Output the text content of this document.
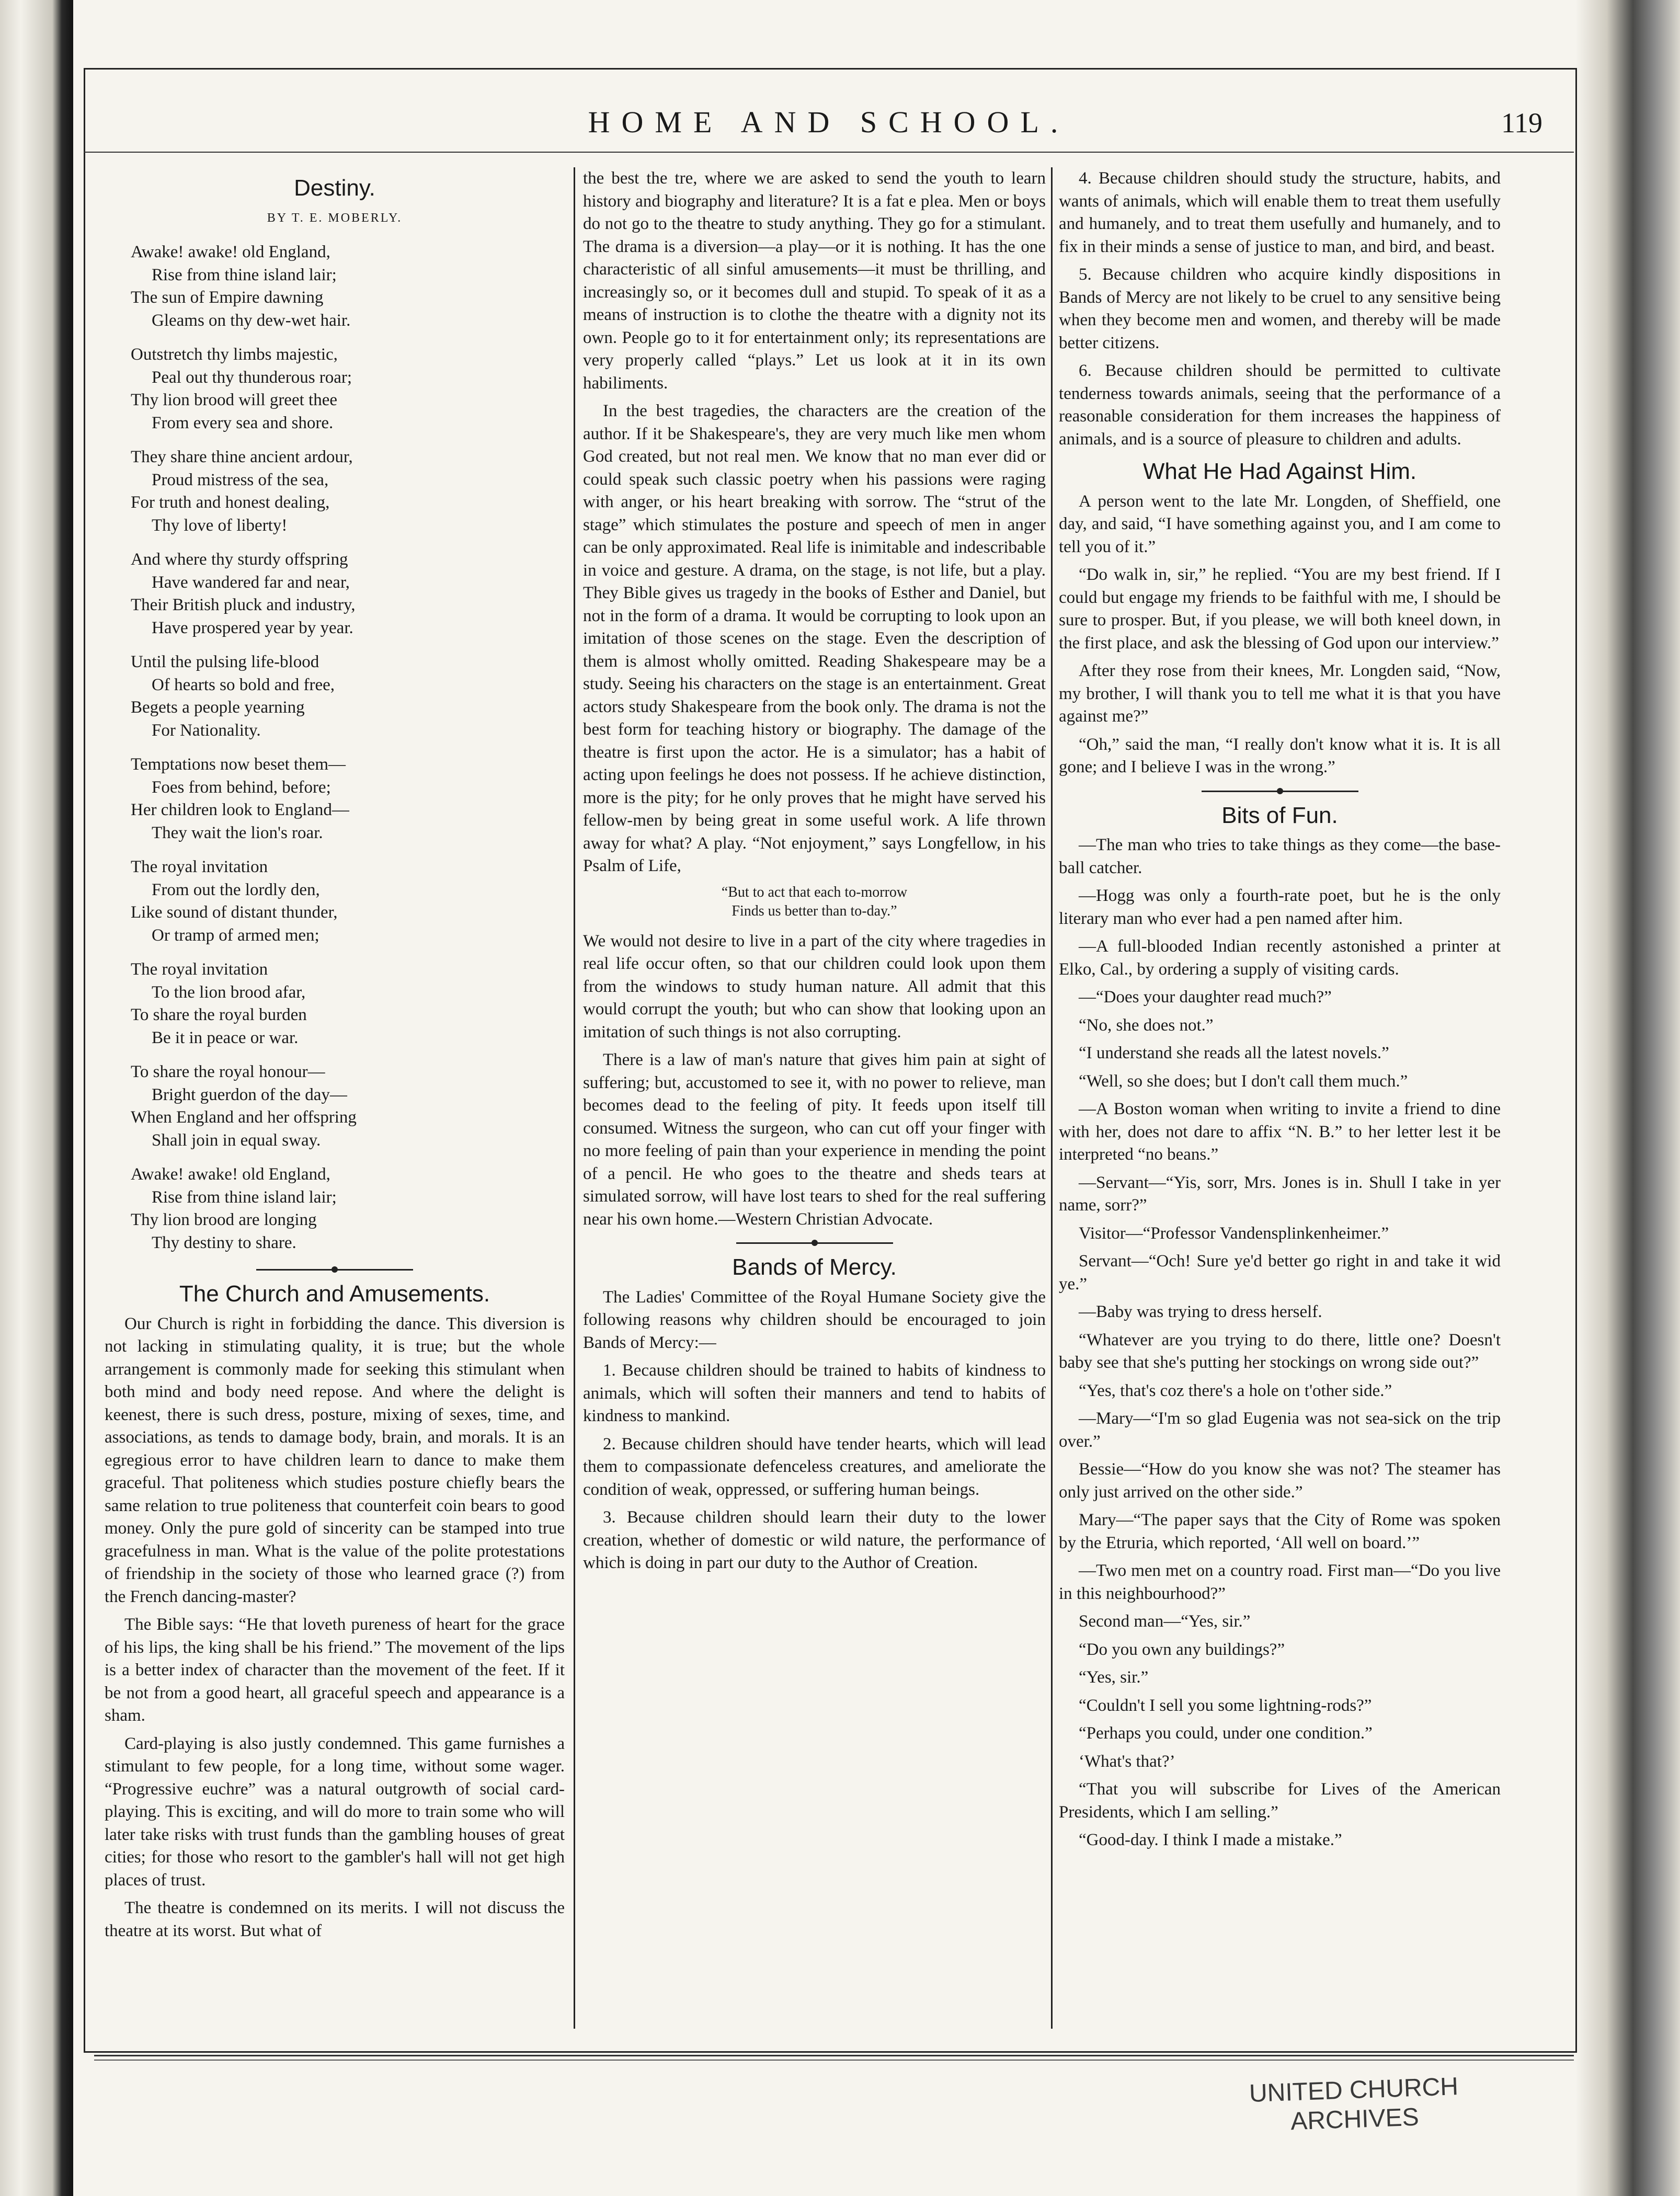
HOME AND SCHOOL.	119
Destiny.
BY T. E. MOBERLY.
Awake! awake! old England,
Rise from thine island lair;
The sun of Empire dawning
Gleams on thy dew-wet hair.
Outstretch thy limbs majestic,
Peal out thy thunderous roar;
Thy lion brood will greet thee
From every sea and shore.
They share thine ancient ardour,
Proud mistress of the sea,
For truth and honest dealing,
Thy love of liberty!
And where thy sturdy offspring
Have wandered far and near,
Their British pluck and industry,
Have prospered year by year.
Until the pulsing life-blood
Of hearts so bold and free,
Begets a people yearning
For Nationality.
Temptations now beset them—
Foes from behind, before;
Her children look to England—
They wait the lion's roar.
The royal invitation
From out the lordly den,
Like sound of distant thunder,
Or tramp of armed men;
The royal invitation
To the lion brood afar,
To share the royal burden
Be it in peace or war.
To share the royal honour—
Bright guerdon of the day—
When England and her offspring
Shall join in equal sway.
Awake! awake! old England,
Rise from thine island lair;
Thy lion brood are longing
Thy destiny to share.
The Church and Amusements.

Our Church is right in forbidding the dance. This diversion is not lacking in stimulating quality, it is true; but the whole arrangement is commonly made for seeking this stimulant when both mind and body need repose. And where the delight is keenest, there is such dress, posture, mixing of sexes, time, and associations, as tends to damage body, brain, and morals. It is an egregious error to have children learn to dance to make them graceful. That politeness which studies posture chiefly bears the same relation to true politeness that counterfeit coin bears to good money. Only the pure gold of sincerity can be stamped into true gracefulness in man. What is the value of the polite protestations of friendship in the society of those who learned grace (?) from the French dancing-master?

The Bible says: “He that loveth pureness of heart for the grace of his lips, the king shall be his friend.” The movement of the lips is a better index of character than the movement of the feet. If it be not from a good heart, all graceful speech and appearance is a sham.

Card-playing is also justly condemned. This game furnishes a stimulant to few people, for a long time, without some wager. “Progressive euchre” was a natural outgrowth of social card-playing. This is exciting, and will do more to train some who will later take risks with trust funds than the gambling houses of great cities; for those who resort to the gambler's hall will not get high places of trust.

The theatre is condemned on its merits. I will not discuss the theatre at its worst. But what of

the best the tre, where we are asked to send the youth to learn history and biography and literature? It is a fat e plea. Men or boys do not go to the theatre to study anything. They go for a stimulant. The drama is a diversion—a play—or it is nothing. It has the one characteristic of all sinful amusements—it must be thrilling, and increasingly so, or it becomes dull and stupid. To speak of it as a means of instruction is to clothe the theatre with a dignity not its own. People go to it for entertainment only; its representations are very properly called “plays.” Let us look at it in its own habiliments.

In the best tragedies, the characters are the creation of the author. If it be Shakespeare's, they are very much like men whom God created, but not real men. We know that no man ever did or could speak such classic poetry when his passions were raging with anger, or his heart breaking with sorrow. The “strut of the stage” which stimulates the posture and speech of men in anger can be only approximated. Real life is inimitable and indescribable in voice and gesture. A drama, on the stage, is not life, but a play. They Bible gives us tragedy in the books of Esther and Daniel, but not in the form of a drama. It would be corrupting to look upon an imitation of those scenes on the stage. Even the description of them is almost wholly omitted. Reading Shakespeare may be a study. Seeing his characters on the stage is an entertainment. Great actors study Shakespeare from the book only. The drama is not the best form for teaching history or biography. The damage of the theatre is first upon the actor. He is a simulator; has a habit of acting upon feelings he does not possess. If he achieve distinction, more is the pity; for he only proves that he might have served his fellow-men by being great in some useful work. A life thrown away for what? A play. “Not enjoyment,” says Longfellow, in his Psalm of Life,

“But to act that each to-morrow
Finds us better than to-day.”

We would not desire to live in a part of the city where tragedies in real life occur often, so that our children could look upon them from the windows to study human nature. All admit that this would corrupt the youth; but who can show that looking upon an imitation of such things is not also corrupting.

There is a law of man's nature that gives him pain at sight of suffering; but, accustomed to see it, with no power to relieve, man becomes dead to the feeling of pity. It feeds upon itself till consumed. Witness the surgeon, who can cut off your finger with no more feeling of pain than your experience in mending the point of a pencil. He who goes to the theatre and sheds tears at simulated sorrow, will have lost tears to shed for the real suffering near his own home.—Western Christian Advocate.

Bands of Mercy.

The Ladies' Committee of the Royal Humane Society give the following reasons why children should be encouraged to join Bands of Mercy:—

1. Because children should be trained to habits of kindness to animals, which will soften their manners and tend to habits of kindness to mankind.

2. Because children should have tender hearts, which will lead them to compassionate defenceless creatures, and ameliorate the condition of weak, oppressed, or suffering human beings.

3. Because children should learn their duty to the lower creation, whether of domestic or wild nature, the performance of which is doing in part our duty to the Author of Creation.

4. Because children should study the structure, habits, and wants of animals, which will enable them to treat them usefully and humanely, and to treat them usefully and humanely, and to fix in their minds a sense of justice to man, and bird, and beast.

5. Because children who acquire kindly dispositions in Bands of Mercy are not likely to be cruel to any sensitive being when they become men and women, and thereby will be made better citizens.

6. Because children should be permitted to cultivate tenderness towards animals, seeing that the performance of a reasonable consideration for them increases the happiness of animals, and is a source of pleasure to children and adults.

What He Had Against Him.

A person went to the late Mr. Longden, of Sheffield, one day, and said, “I have something against you, and I am come to tell you of it.”

“Do walk in, sir,” he replied. “You are my best friend. If I could but engage my friends to be faithful with me, I should be sure to prosper. But, if you please, we will both kneel down, in the first place, and ask the blessing of God upon our interview.”

After they rose from their knees, Mr. Longden said, “Now, my brother, I will thank you to tell me what it is that you have against me?”

“Oh,” said the man, “I really don't know what it is. It is all gone; and I believe I was in the wrong.”

Bits of Fun.

—The man who tries to take things as they come—the base-ball catcher.

—Hogg was only a fourth-rate poet, but he is the only literary man who ever had a pen named after him.

—A full-blooded Indian recently astonished a printer at Elko, Cal., by ordering a supply of visiting cards.

—“Does your daughter read much?”

“No, she does not.”

“I understand she reads all the latest novels.”

“Well, so she does; but I don't call them much.”

—A Boston woman when writing to invite a friend to dine with her, does not dare to affix “N. B.” to her letter lest it be interpreted “no beans.”

—Servant—“Yis, sorr, Mrs. Jones is in. Shull I take in yer name, sorr?”

Visitor—“Professor Vandensplinkenheimer.”

Servant—“Och! Sure ye'd better go right in and take it wid ye.”

—Baby was trying to dress herself.

“Whatever are you trying to do there, little one? Doesn't baby see that she's putting her stockings on wrong side out?”

“Yes, that's coz there's a hole on t'other side.”

—Mary—“I'm so glad Eugenia was not sea-sick on the trip over.”

Bessie—“How do you know she was not? The steamer has only just arrived on the other side.”

Mary—“The paper says that the City of Rome was spoken by the Etruria, which reported, ‘All well on board.’”

—Two men met on a country road. First man—“Do you live in this neighbourhood?”

Second man—“Yes, sir.”

“Do you own any buildings?”

“Yes, sir.”

“Couldn't I sell you some lightning-rods?”

“Perhaps you could, under one condition.”

‘What's that?’

“That you will subscribe for Lives of the American Presidents, which I am selling.”

“Good-day. I think I made a mistake.”

UNITED CHURCH
ARCHIVES
